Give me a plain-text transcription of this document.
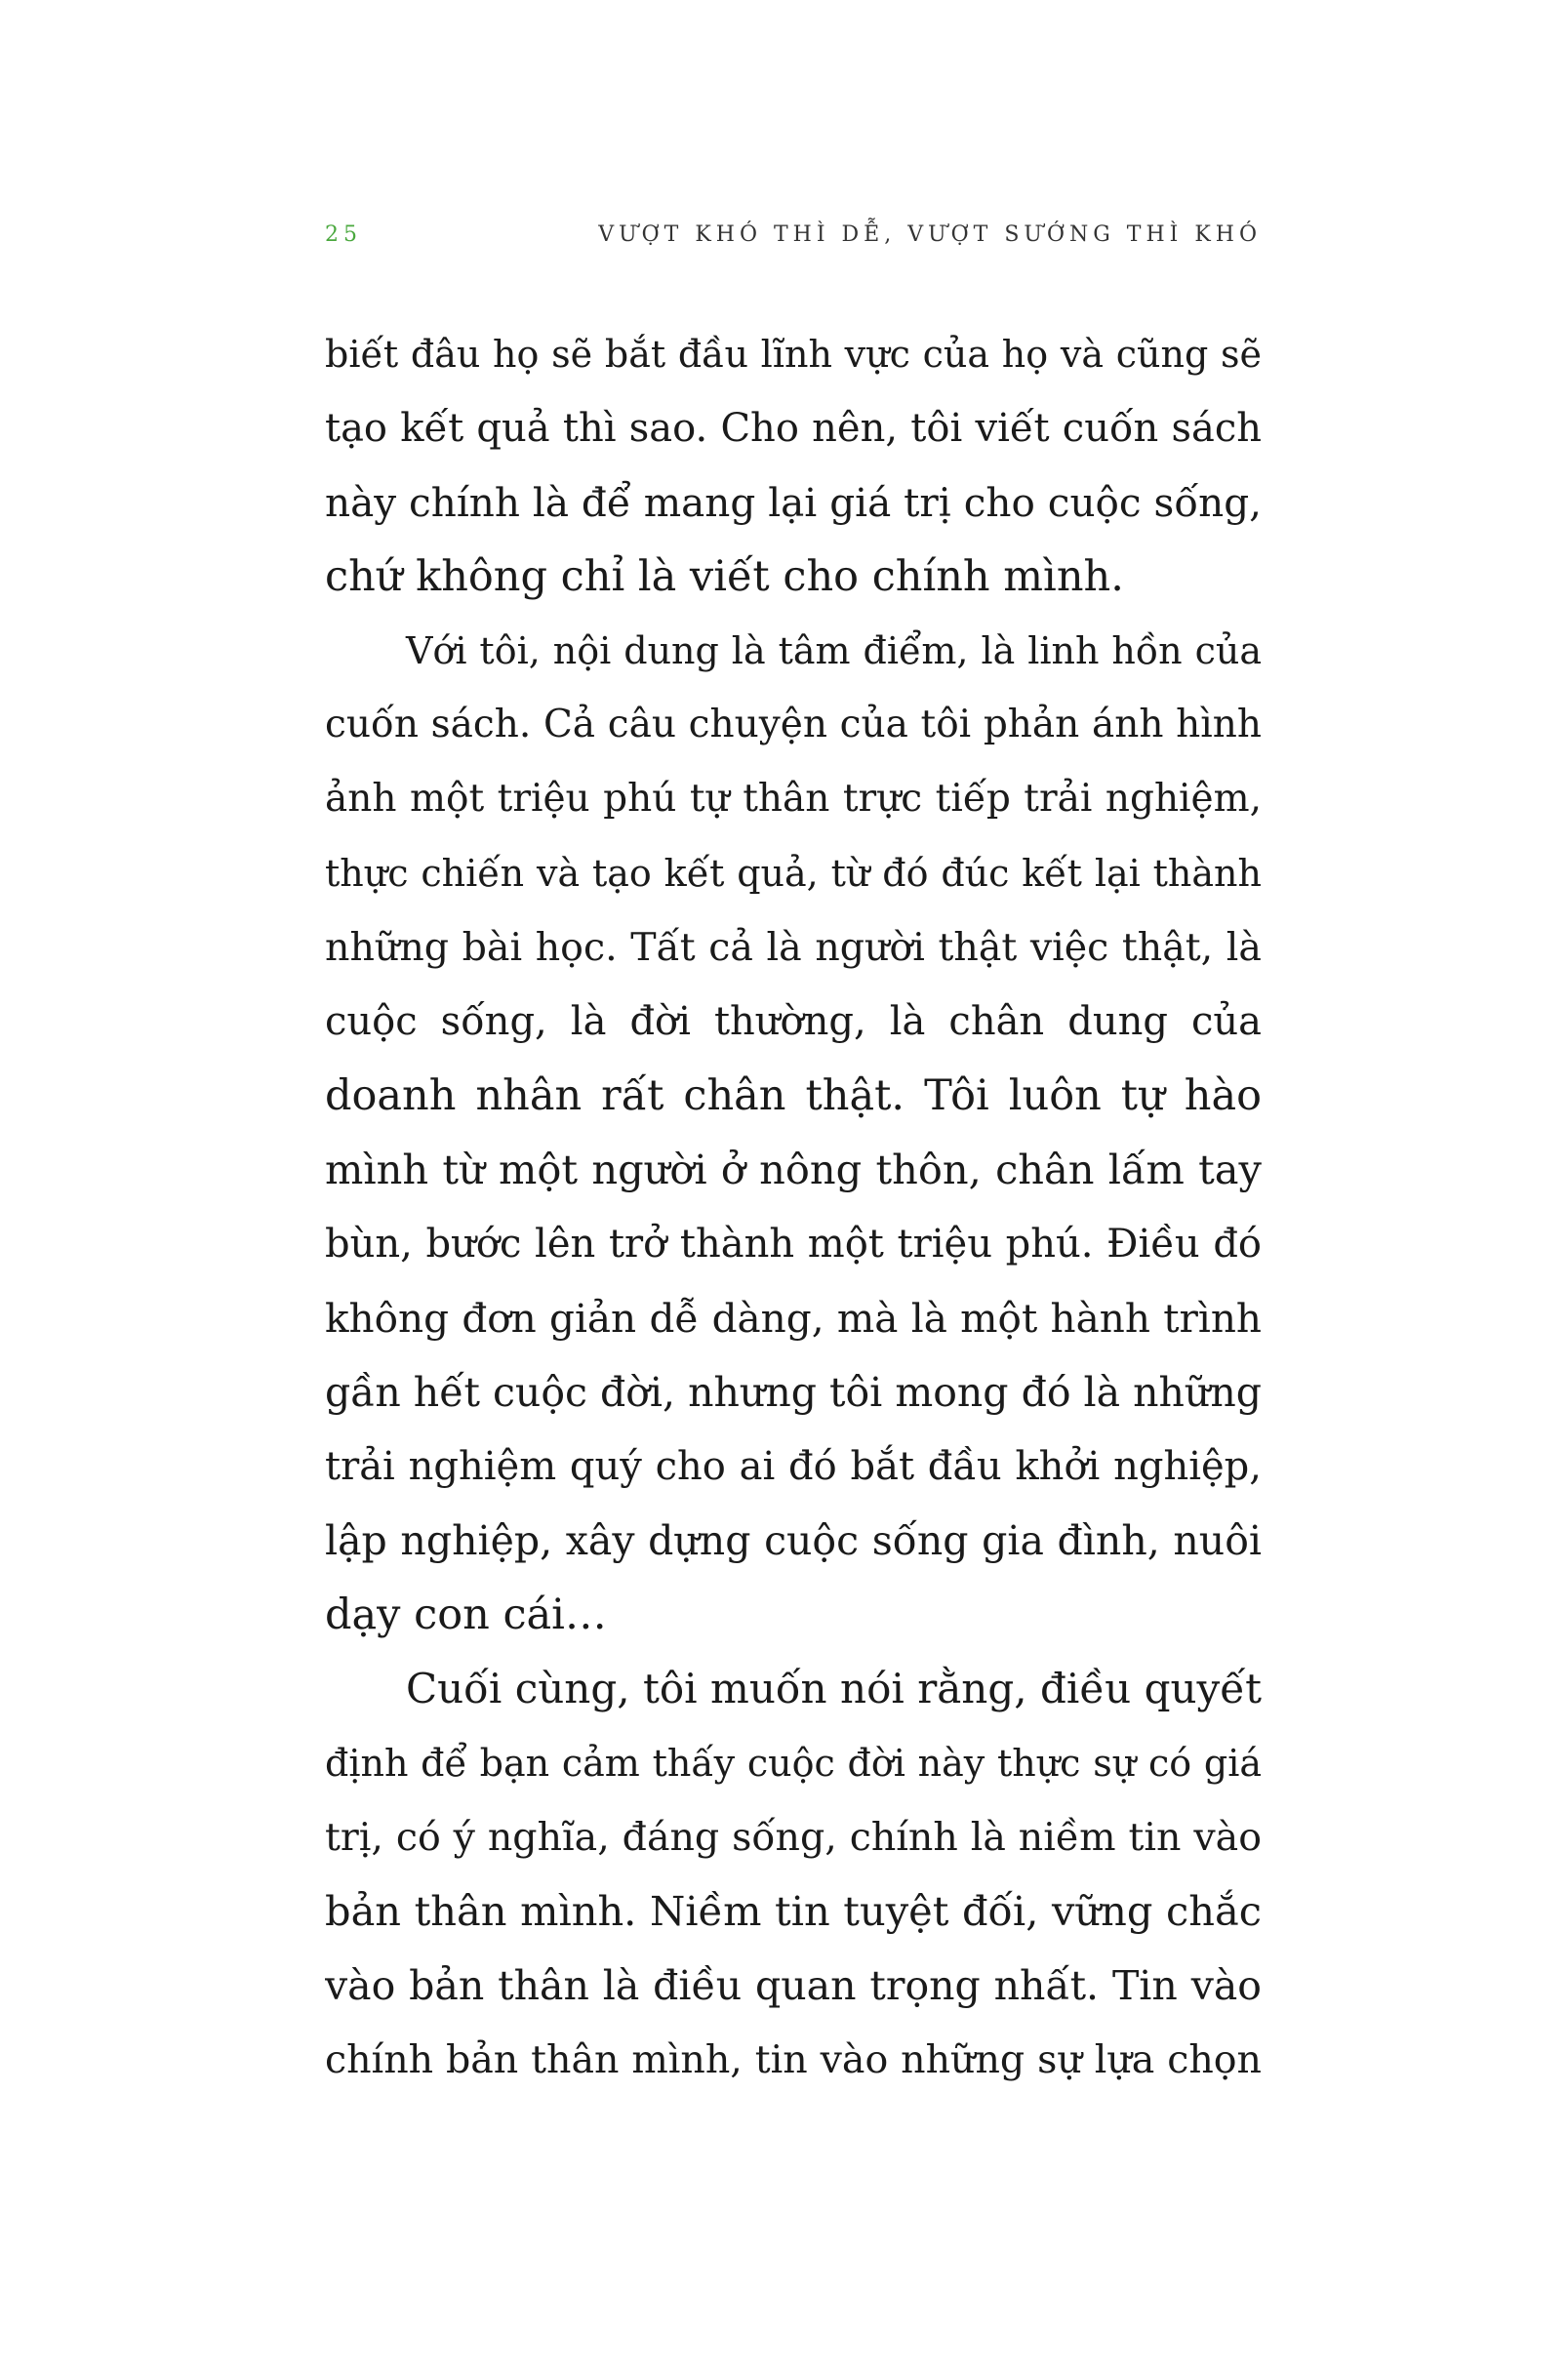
25	VƯỢT KHÓ THÌ DỄ, VƯỢT SƯỚNG THÌ KHÓ
biết đâu họ sẽ bắt đầu lĩnh vực của họ và cũng sẽ
tạo kết quả thì sao. Cho nên, tôi viết cuốn sách
này chính là để mang lại giá trị cho cuộc sống,
chứ không chỉ là viết cho chính mình.
Với tôi, nội dung là tâm điểm, là linh hồn của
cuốn sách. Cả câu chuyện của tôi phản ánh hình
ảnh một triệu phú tự thân trực tiếp trải nghiệm,
thực chiến và tạo kết quả, từ đó đúc kết lại thành
những bài học. Tất cả là người thật việc thật, là
cuộc sống, là đời thường, là chân dung của
doanh nhân rất chân thật. Tôi luôn tự hào
mình từ một người ở nông thôn, chân lấm tay
bùn, bước lên trở thành một triệu phú. Điều đó
không đơn giản dễ dàng, mà là một hành trình
gần hết cuộc đời, nhưng tôi mong đó là những
trải nghiệm quý cho ai đó bắt đầu khởi nghiệp,
lập nghiệp, xây dựng cuộc sống gia đình, nuôi
dạy con cái…
Cuối cùng, tôi muốn nói rằng, điều quyết
định để bạn cảm thấy cuộc đời này thực sự có giá
trị, có ý nghĩa, đáng sống, chính là niềm tin vào
bản thân mình. Niềm tin tuyệt đối, vững chắc
vào bản thân là điều quan trọng nhất. Tin vào
chính bản thân mình, tin vào những sự lựa chọn
